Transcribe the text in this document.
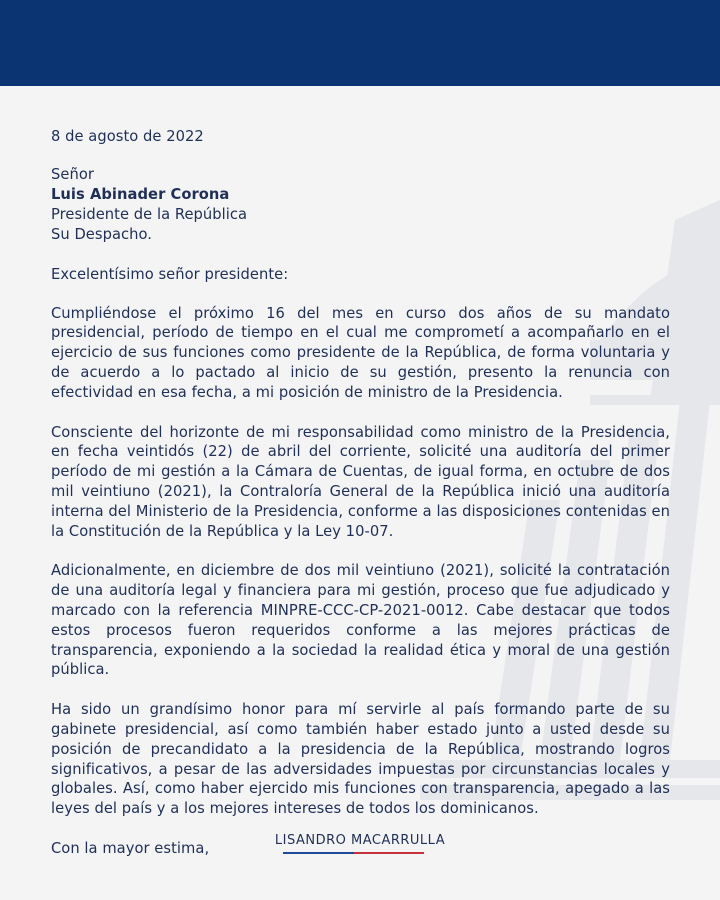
8 de agosto de 2022

Señor
Luis Abinader Corona
Presidente de la República
Su Despacho.

Excelentísimo señor presidente:

Cumpliéndose el próximo 16 del mes en curso dos años de su mandato presidencial, período de tiempo en el cual me comprometí a acompañarlo en el ejercicio de sus funciones como presidente de la República, de forma voluntaria y de acuerdo a lo pactado al inicio de su gestión, presento la renuncia con efectividad en esa fecha, a mi posición de ministro de la Presidencia.

Consciente del horizonte de mi responsabilidad como ministro de la Presidencia, en fecha veintidós (22) de abril del corriente, solicité una auditoría del primer período de mi gestión a la Cámara de Cuentas, de igual forma, en octubre de dos mil veintiuno (2021), la Contraloría General de la República inició una auditoría interna del Ministerio de la Presidencia, conforme a las disposiciones contenidas en la Constitución de la República y la Ley 10-07.

Adicionalmente, en diciembre de dos mil veintiuno (2021), solicité la contratación de una auditoría legal y financiera para mi gestión, proceso que fue adjudicado y marcado con la referencia MINPRE-CCC-CP-2021-0012. Cabe destacar que todos estos procesos fueron requeridos conforme a las mejores prácticas de transparencia, exponiendo a la sociedad la realidad ética y moral de una gestión pública.

Ha sido un grandísimo honor para mí servirle al país formando parte de su gabinete presidencial, así como también haber estado junto a usted desde su posición de precandidato a la presidencia de la República, mostrando logros significativos, a pesar de las adversidades impuestas por circunstancias locales y globales. Así, como haber ejercido mis funciones con transparencia, apegado a las leyes del país y a los mejores intereses de todos los dominicanos.

Con la mayor estima,	LISANDRO MACARRULLA
